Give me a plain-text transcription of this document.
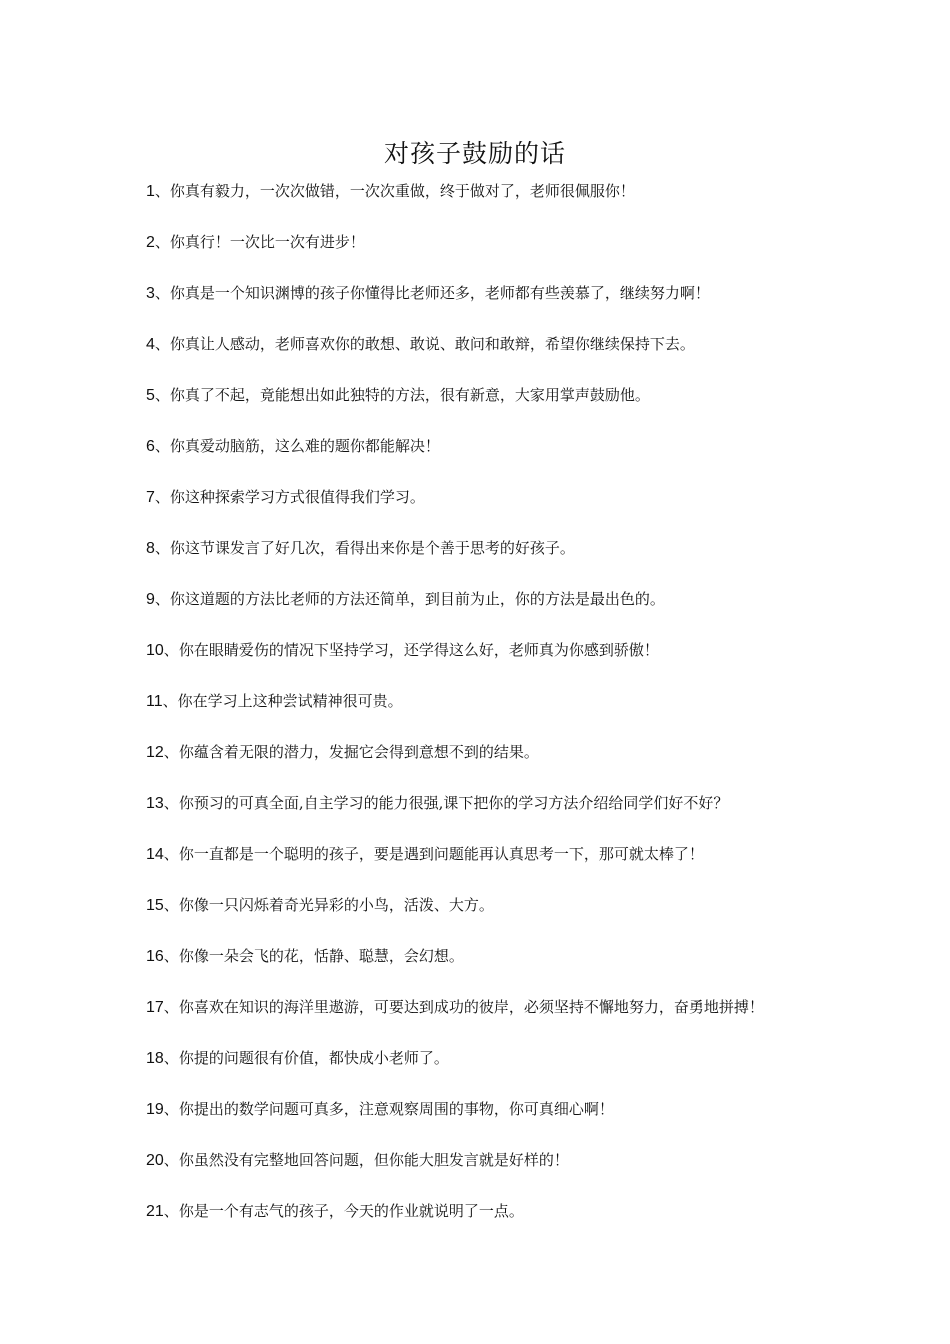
对孩子鼓励的话
1、你真有毅力，一次次做错，一次次重做，终于做对了，老师很佩服你！
2、你真行！一次比一次有进步！
3、你真是一个知识渊博的孩子你懂得比老师还多，老师都有些羡慕了，继续努力啊！
4、你真让人感动，老师喜欢你的敢想、敢说、敢问和敢辩，希望你继续保持下去。
5、你真了不起，竟能想出如此独特的方法，很有新意，大家用掌声鼓励他。
6、你真爱动脑筋，这么难的题你都能解决！
7、你这种探索学习方式很值得我们学习。
8、你这节课发言了好几次，看得出来你是个善于思考的好孩子。
9、你这道题的方法比老师的方法还简单，到目前为止，你的方法是最出色的。
10、你在眼睛爱伤的情况下坚持学习，还学得这么好，老师真为你感到骄傲！
11、你在学习上这种尝试精神很可贵。
12、你蕴含着无限的潜力，发掘它会得到意想不到的结果。
13、你预习的可真全面,自主学习的能力很强,课下把你的学习方法介绍给同学们好不好？
14、你一直都是一个聪明的孩子，要是遇到问题能再认真思考一下，那可就太棒了！
15、你像一只闪烁着奇光异彩的小鸟，活泼、大方。
16、你像一朵会飞的花，恬静、聪慧，会幻想。
17、你喜欢在知识的海洋里遨游，可要达到成功的彼岸，必须坚持不懈地努力，奋勇地拼搏！
18、你提的问题很有价值，都快成小老师了。
19、你提出的数学问题可真多，注意观察周围的事物，你可真细心啊！
20、你虽然没有完整地回答问题，但你能大胆发言就是好样的！
21、你是一个有志气的孩子，今天的作业就说明了一点。
